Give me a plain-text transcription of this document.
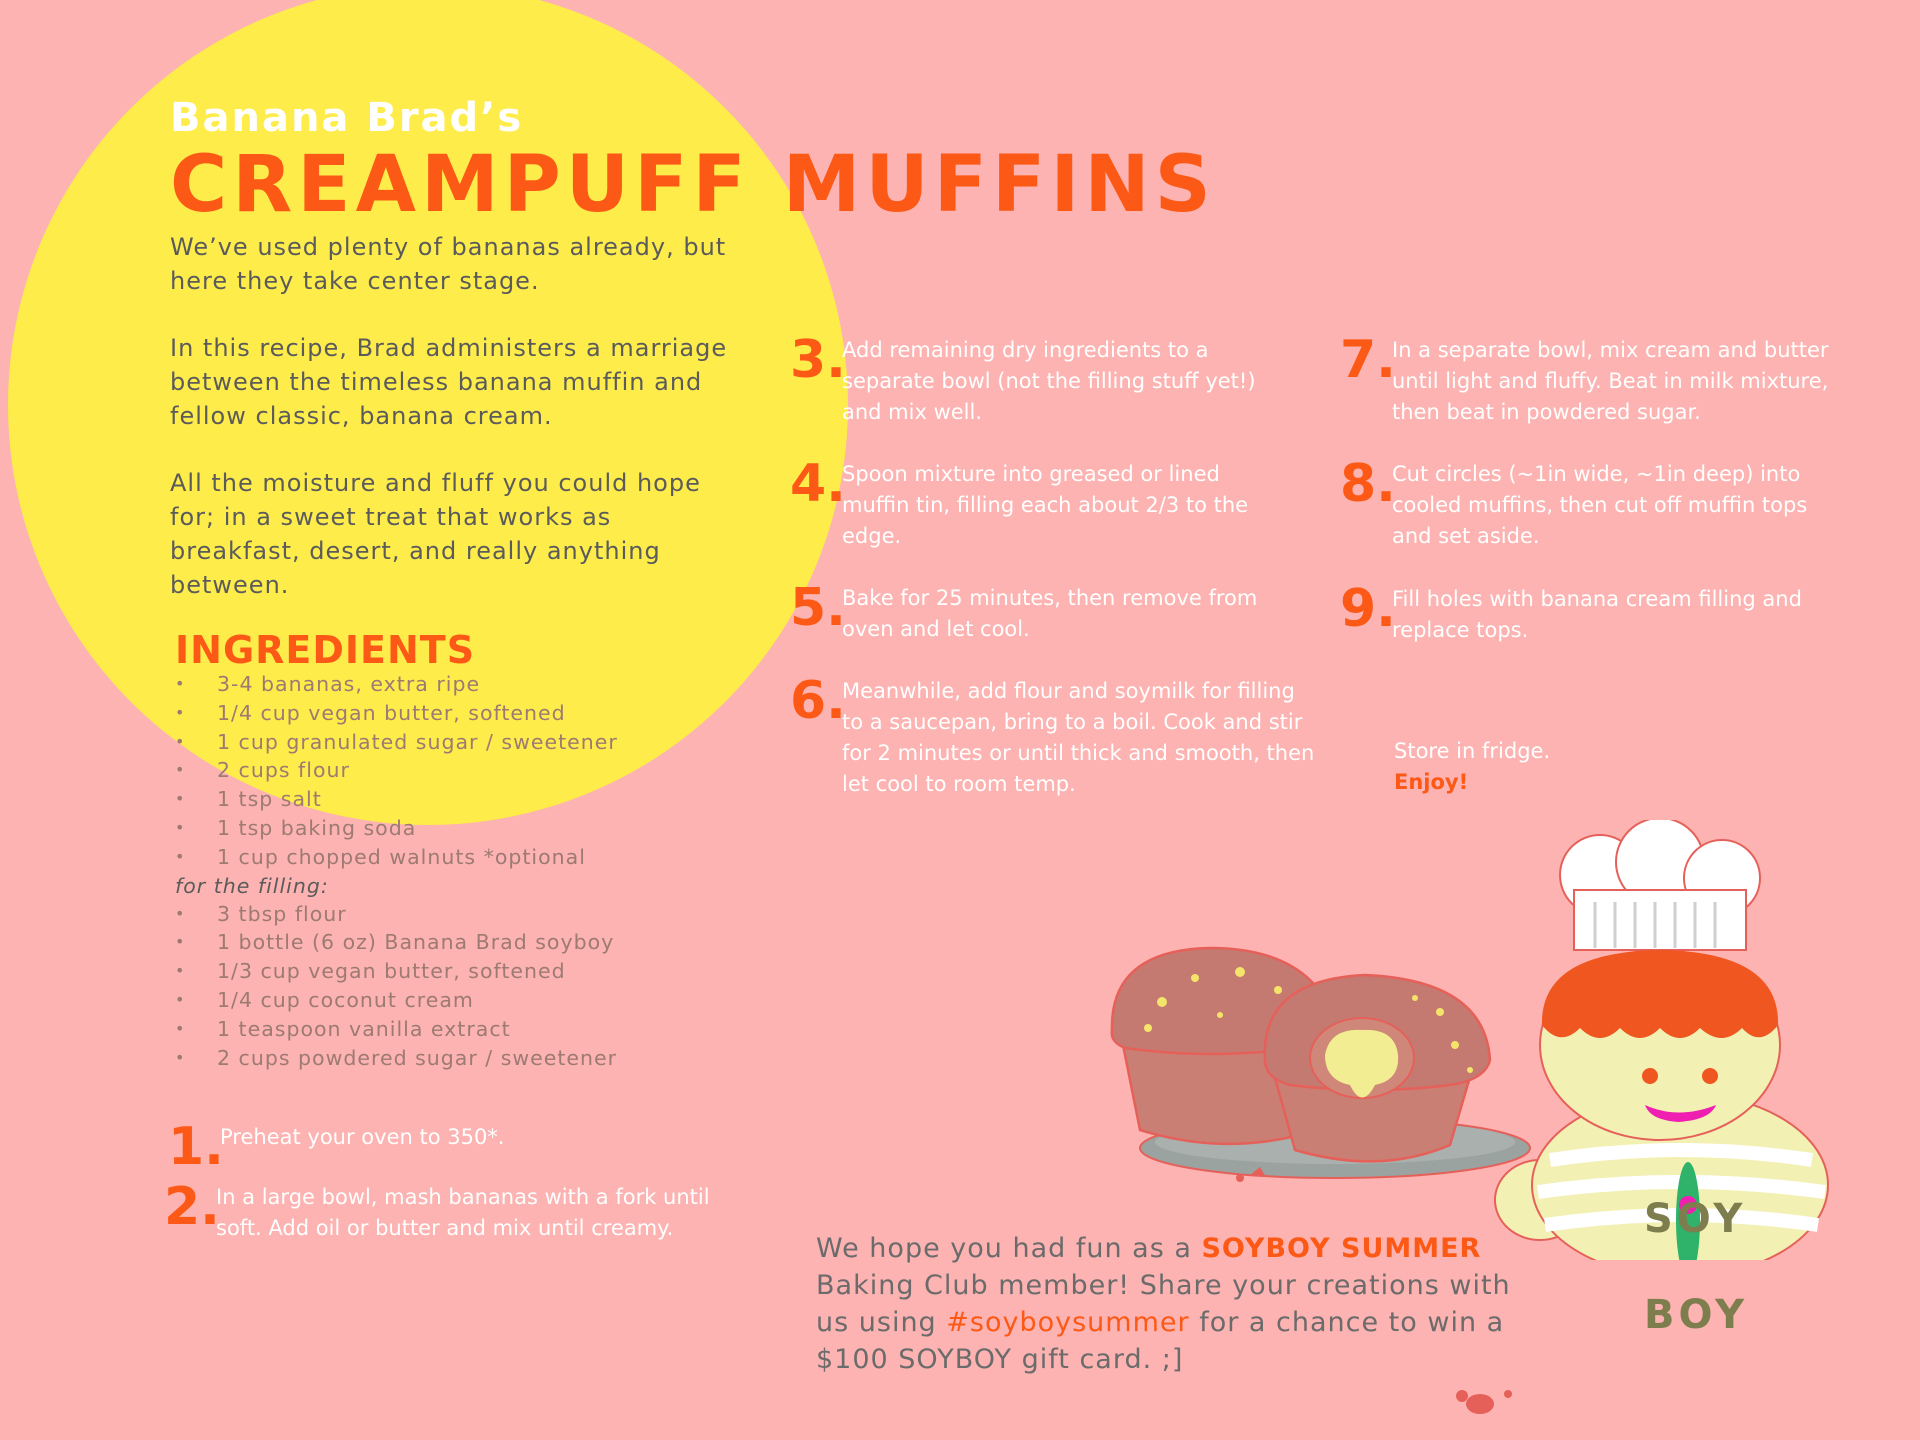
Banana Brad’s
CREAMPUFF MUFFINS

We’ve used plenty of bananas already, but here they take center stage.

In this recipe, Brad administers a marriage between the timeless banana muffin and fellow classic, banana cream.

All the moisture and fluff you could hope for; in a sweet treat that works as breakfast, desert, and really anything between.

INGREDIENTS
• 3-4 bananas, extra ripe
• 1/4 cup vegan butter, softened
• 1 cup granulated sugar / sweetener
• 2 cups flour
• 1 tsp salt
• 1 tsp baking soda
• 1 cup chopped walnuts *optional
for the filling:
• 3 tbsp flour
• 1 bottle (6 oz) Banana Brad soyboy
• 1/3 cup vegan butter, softened
• 1/4 cup coconut cream
• 1 teaspoon vanilla extract
• 2 cups powdered sugar / sweetener
1.
Preheat your oven to 350*.
2.
In a large bowl, mash bananas with a fork until soft. Add oil or butter and mix until creamy.
3.
Add remaining dry ingredients to a separate bowl (not the filling stuff yet!) and mix well.
4.
Spoon mixture into greased or lined muffin tin, filling each about 2/3 to the edge.
5.
Bake for 25 minutes, then remove from oven and let cool.
6.
Meanwhile, add flour and soymilk for filling to a saucepan, bring to a boil. Cook and stir for 2 minutes or until thick and smooth, then let cool to room temp.
7.
In a separate bowl, mix cream and butter until light and fluffy. Beat in milk mixture, then beat in powdered sugar.
8.
Cut circles (~1in wide, ~1in deep) into cooled muffins, then cut off muffin tops and set aside.
9.
Fill holes with banana cream filling and replace tops.
Store in fridge.
Enjoy!
SOY
BOY
We hope you had fun as a SOYBOY SUMMER Baking Club member! Share your creations with us using #soyboysummer for a chance to win a $100 SOYBOY gift card. ;]
